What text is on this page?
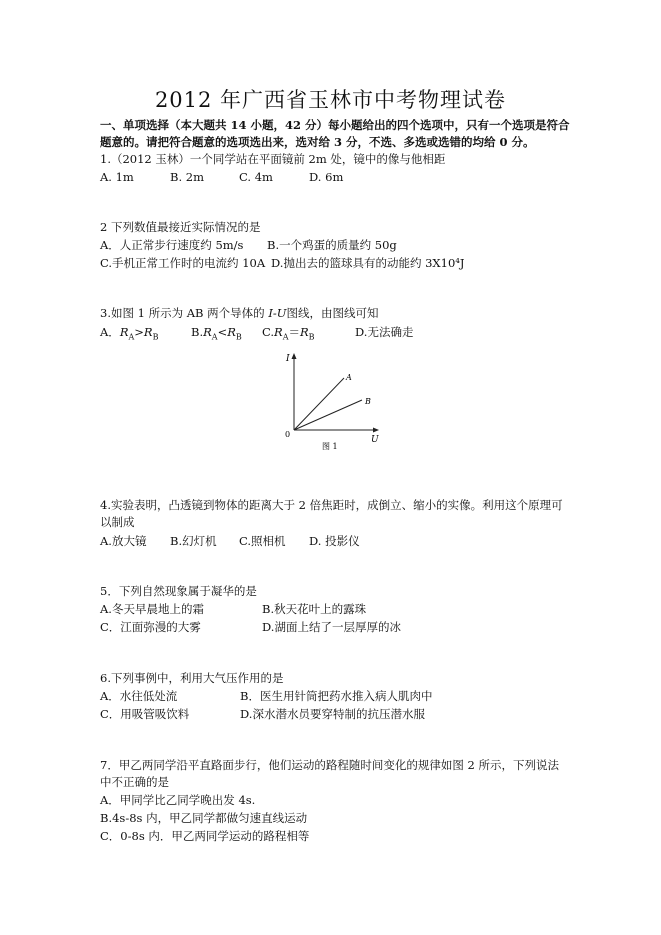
2012 年广西省玉林市中考物理试卷
一、单项选择（本大题共 14 小题，42 分）每小题给出的四个选项中，只有一个选项是符合
题意的。请把符合题意的选项选出来，选对给 3 分，不选、多选或选错的均给 0 分。
1.（2012 玉林）一个同学站在平面镜前 2m 处，镜中的像与他相距
A. 1m	B. 2m	C. 4m	D. 6m
2 下列数值最接近实际情况的是
A．人正常步行速度约 5m/s B.一个鸡蛋的质量约 50g
C.手机正常工作时的电流约 10A D.抛出去的篮球具有的动能约 3X10⁴J
3.如图 1 所示为 AB 两个导体的 I-U图线，由图线可知
A．$R_A>R_B$	$B.R_A<R_B$ $C.R_A=R_B$	D.无法确走
I
U
0
A
B
图 1
4.实验表明，凸透镜到物体的距离大于 2 倍焦距时，成倒立、缩小的实像。利用这个原理可
以制成
A.放大镜 B.幻灯机 C.照相机 D. 投影仪
5．下列自然现象属于凝华的是
A.冬天早晨地上的霜	B.秋天花叶上的露珠
C．江面弥漫的大雾	D.湖面上结了一层厚厚的冰
6.下列事例中，利用大气压作用的是
A．水往低处流	B．医生用针筒把药水推入病人肌肉中
C．用吸管吸饮料	D.深水潜水员要穿特制的抗压潜水服
7．甲乙两同学沿平直路面步行，他们运动的路程随时间变化的规律如图 2 所示，下列说法
中不正确的是
A．甲同学比乙同学晚出发 4s.
B.4s-8s 内，甲乙同学都做匀速直线运动
C．0-8s 内．甲乙两同学运动的路程相等
